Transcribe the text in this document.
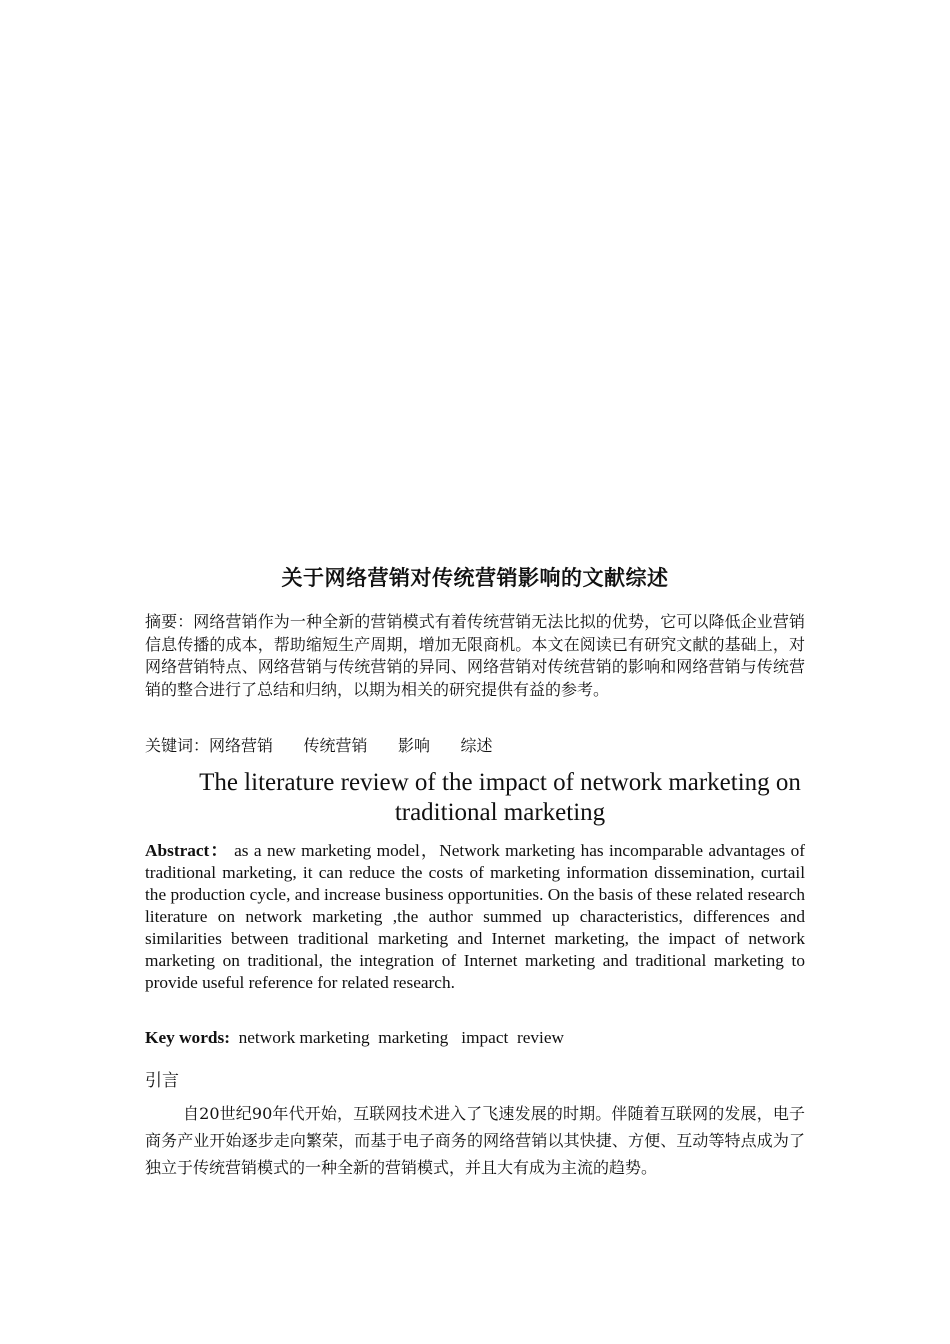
关于网络营销对传统营销影响的文献综述
摘要：网络营销作为一种全新的营销模式有着传统营销无法比拟的优势，它可以降低企业营销信息传播的成本，帮助缩短生产周期，增加无限商机。本文在阅读已有研究文献的基础上，对网络营销特点、网络营销与传统营销的异同、网络营销对传统营销的影响和网络营销与传统营销的整合进行了总结和归纳，以期为相关的研究提供有益的参考。
关键词：网络营销      传统营销      影响      综述
The literature review of the impact of network marketing on traditional marketing
Abstract： as a new marketing model，Network marketing has incomparable advantages of traditional marketing, it can reduce the costs of marketing information dissemination, curtail the production cycle, and increase business opportunities. On the basis of these related research literature on network marketing ,the author summed up characteristics, differences and similarities between traditional marketing and Internet marketing, the impact of network marketing on traditional, the integration of Internet marketing and traditional marketing to provide useful reference for related research.
Key words:  network marketing  marketing   impact  review
引言
自20世纪90年代开始，互联网技术进入了飞速发展的时期。伴随着互联网的发展，电子商务产业开始逐步走向繁荣，而基于电子商务的网络营销以其快捷、方便、互动等特点成为了独立于传统营销模式的一种全新的营销模式，并且大有成为主流的趋势。
